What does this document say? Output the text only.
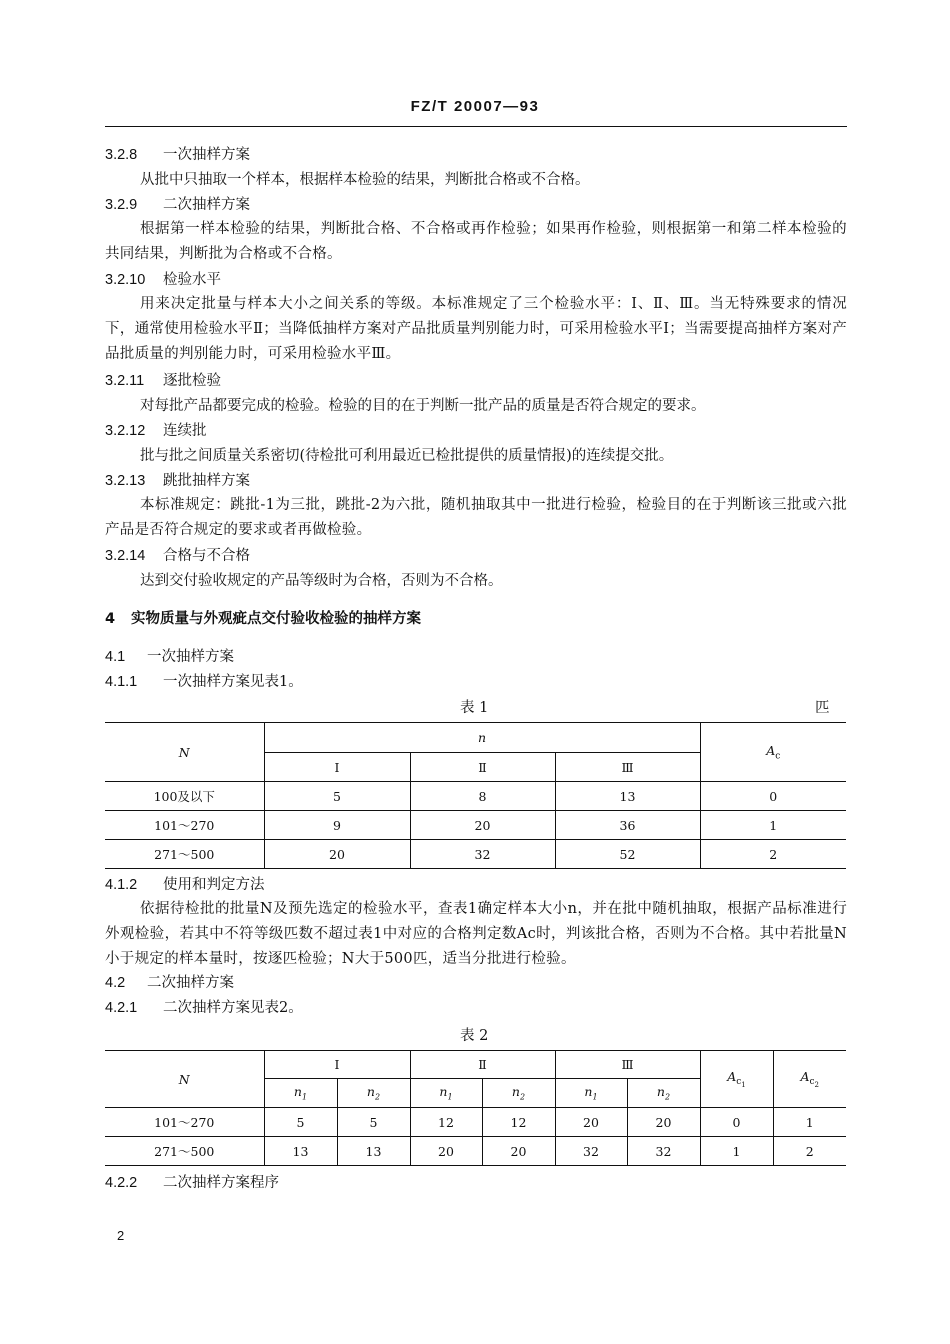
FZ/T 20007—93
3.2.8 一次抽样方案
从批中只抽取一个样本，根据样本检验的结果，判断批合格或不合格。
3.2.9 二次抽样方案
根据第一样本检验的结果，判断批合格、不合格或再作检验；如果再作检验，则根据第一和第二样本检验的共同结果，判断批为合格或不合格。
3.2.10 检验水平
用来决定批量与样本大小之间关系的等级。本标准规定了三个检验水平：Ⅰ、Ⅱ、Ⅲ。当无特殊要求的情况下，通常使用检验水平Ⅱ；当降低抽样方案对产品批质量判别能力时，可采用检验水平Ⅰ；当需要提高抽样方案对产品批质量的判别能力时，可采用检验水平Ⅲ。
3.2.11 逐批检验
对每批产品都要完成的检验。检验的目的在于判断一批产品的质量是否符合规定的要求。
3.2.12 连续批
批与批之间质量关系密切(待检批可利用最近已检批提供的质量情报)的连续提交批。
3.2.13 跳批抽样方案
本标准规定：跳批-1为三批，跳批-2为六批，随机抽取其中一批进行检验，检验目的在于判断该三批或六批产品是否符合规定的要求或者再做检验。
3.2.14 合格与不合格
达到交付验收规定的产品等级时为合格，否则为不合格。
4 实物质量与外观疵点交付验收检验的抽样方案
4.1 一次抽样方案
4.1.1 一次抽样方案见表1。
表 1	匹
N	n			$A_c$
	Ⅰ	Ⅱ	Ⅲ	
100及以下	5	8	13	0
101～270	9	20	36	1
271～500	20	32	52	2
4.1.2 使用和判定方法
依据待检批的批量N及预先选定的检验水平，查表1确定样本大小n，并在批中随机抽取，根据产品标准进行外观检验，若其中不符等级匹数不超过表1中对应的合格判定数Ac时，判该批合格，否则为不合格。其中若批量N小于规定的样本量时，按逐匹检验；N大于500匹，适当分批进行检验。
4.2 二次抽样方案
4.2.1 二次抽样方案见表2。
表 2
N	Ⅰ		Ⅱ		Ⅲ		$A_{c_1}$	$A_{c_2}$
	$n_1$	$n_2$	$n_1$	$n_2$	$n_1$	$n_2$
101～270	5	5	12	12	20	20	0	1
271～500	13	13	20	20	32	32	1	2
4.2.2 二次抽样方案程序
2
